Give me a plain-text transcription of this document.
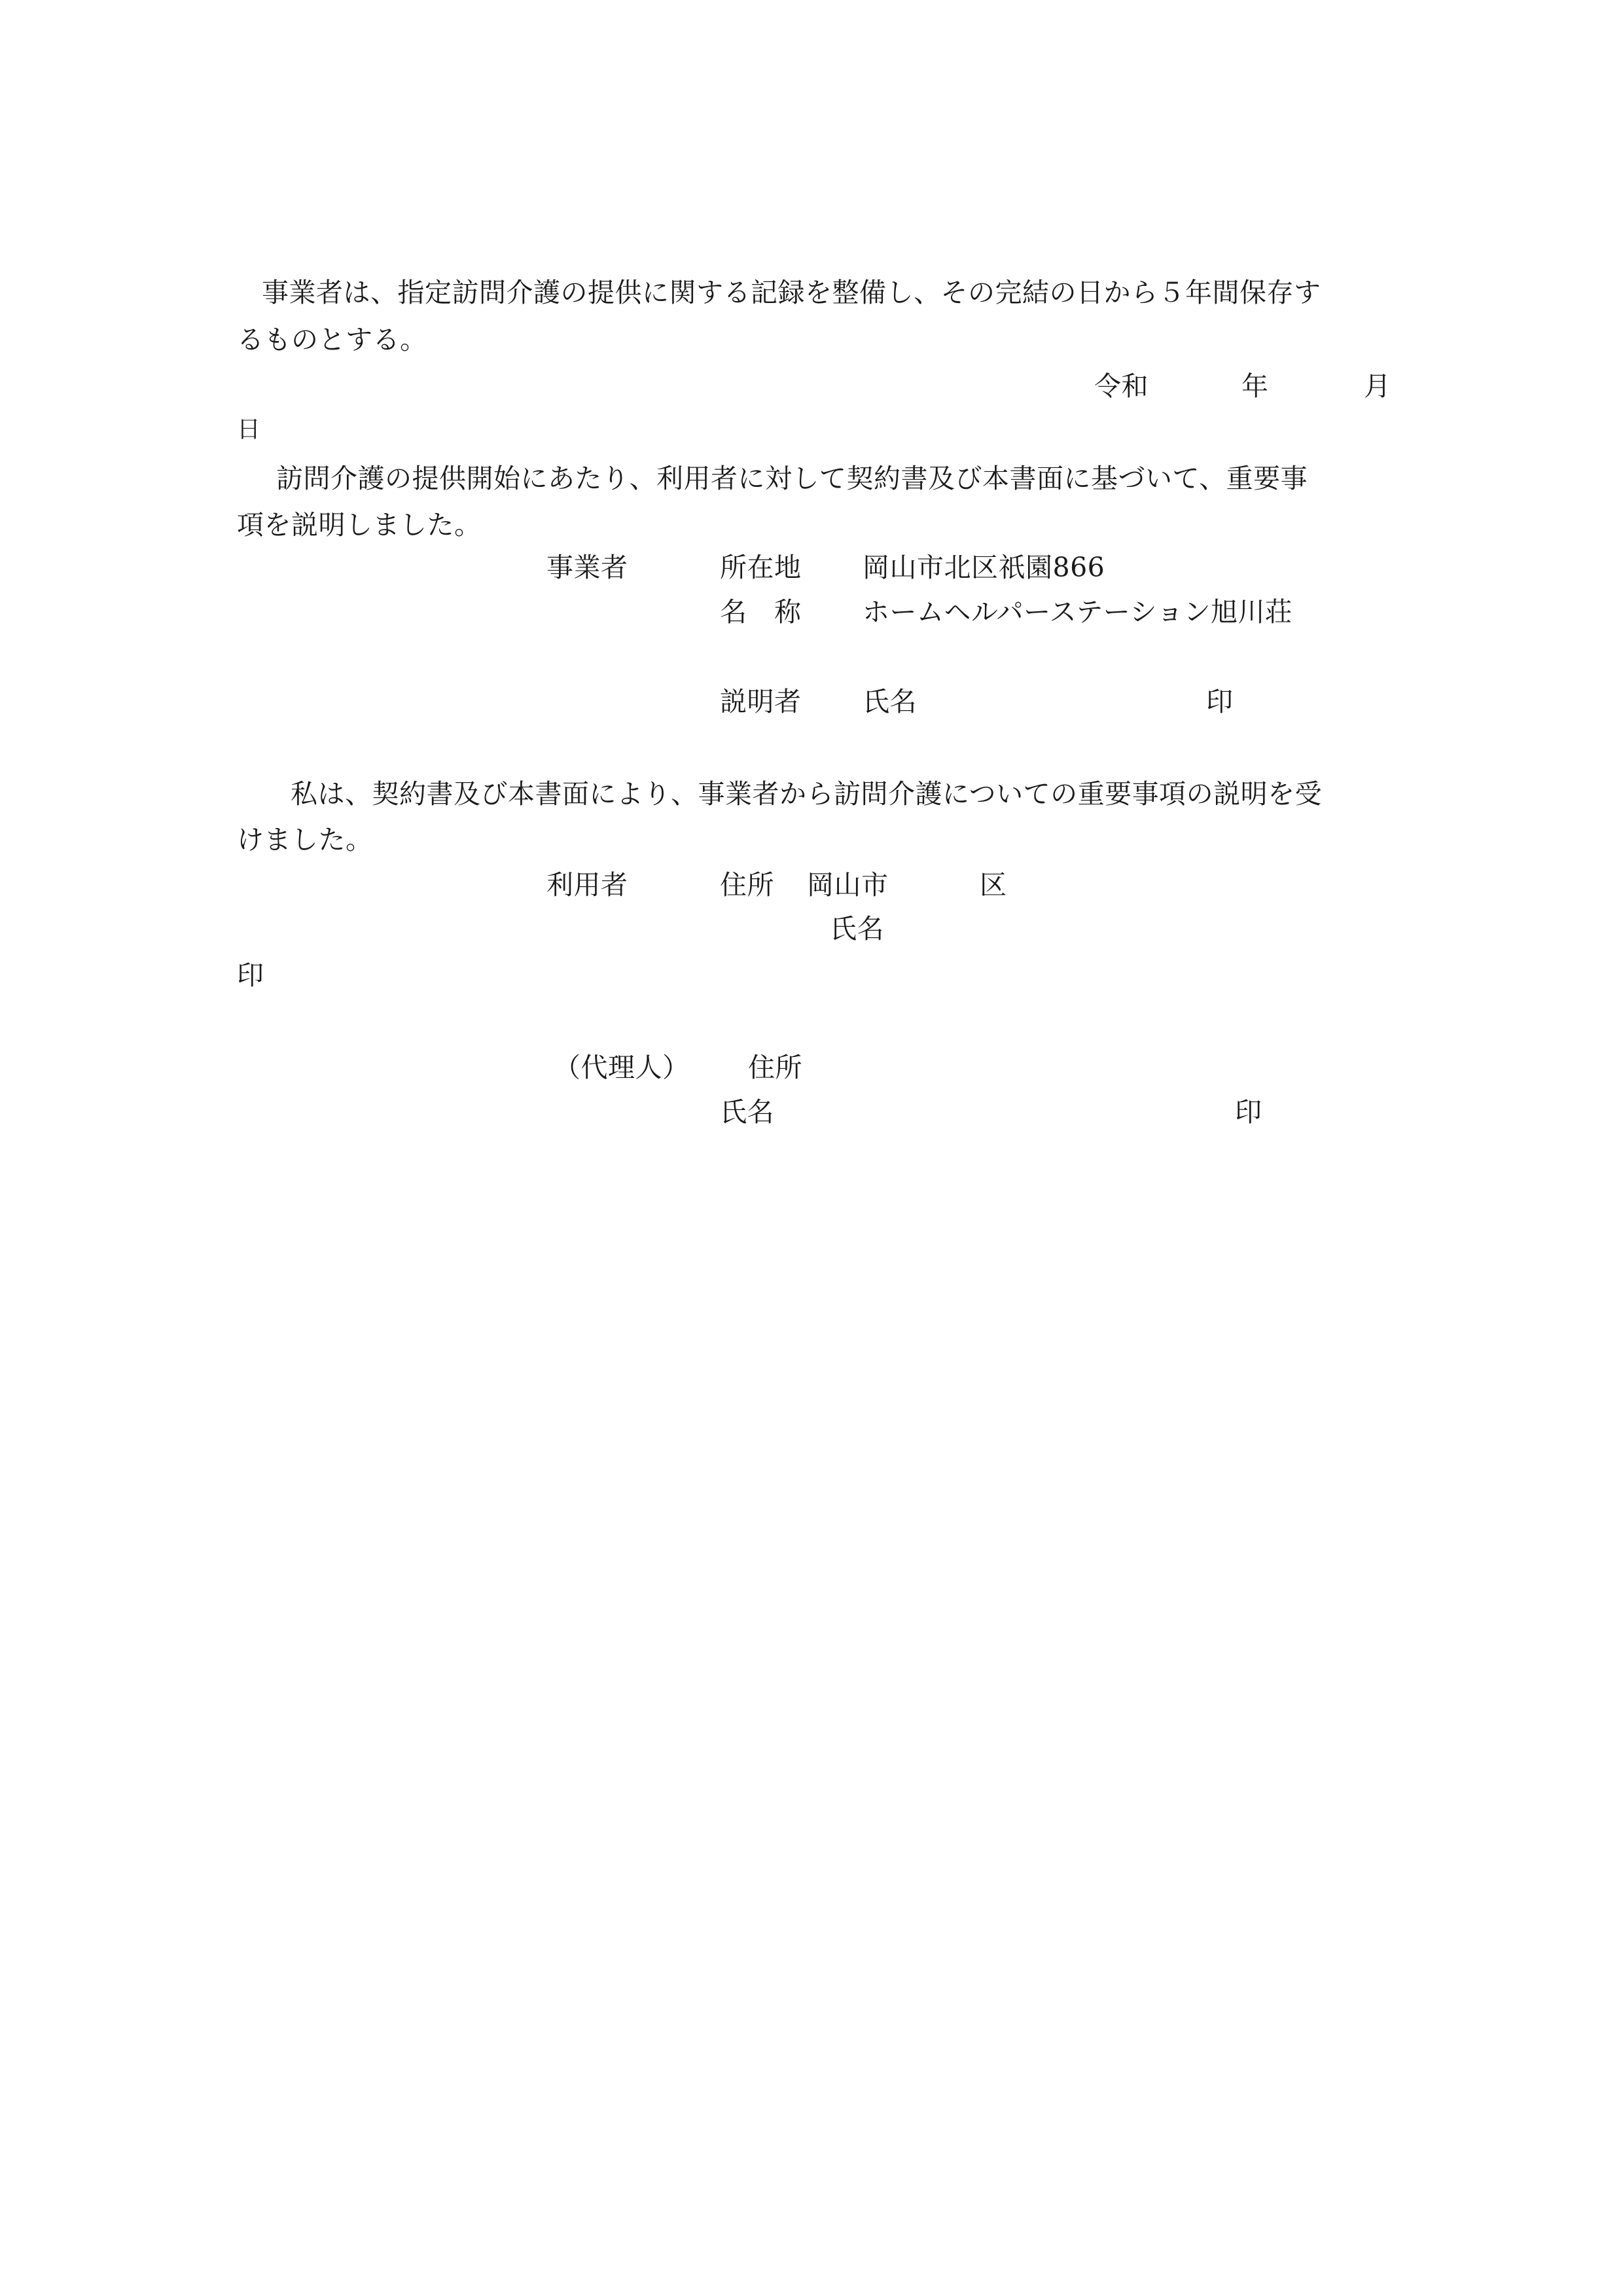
事業者は、指定訪問介護の提供に関する記録を整備し、その完結の日から５年間保存す
るものとする。
令和	年	月
日
訪問介護の提供開始にあたり、利用者に対して契約書及び本書面に基づいて、重要事
項を説明しました。
事業者	所在地 岡山市北区祇園866
名　称 ホームヘルパーステーション旭川荘
説明者 氏名	印
私は、契約書及び本書面により、事業者から訪問介護についての重要事項の説明を受
けました。
利用者	住所 岡山市	区
氏名
印
（代理人） 住所
氏名	印
